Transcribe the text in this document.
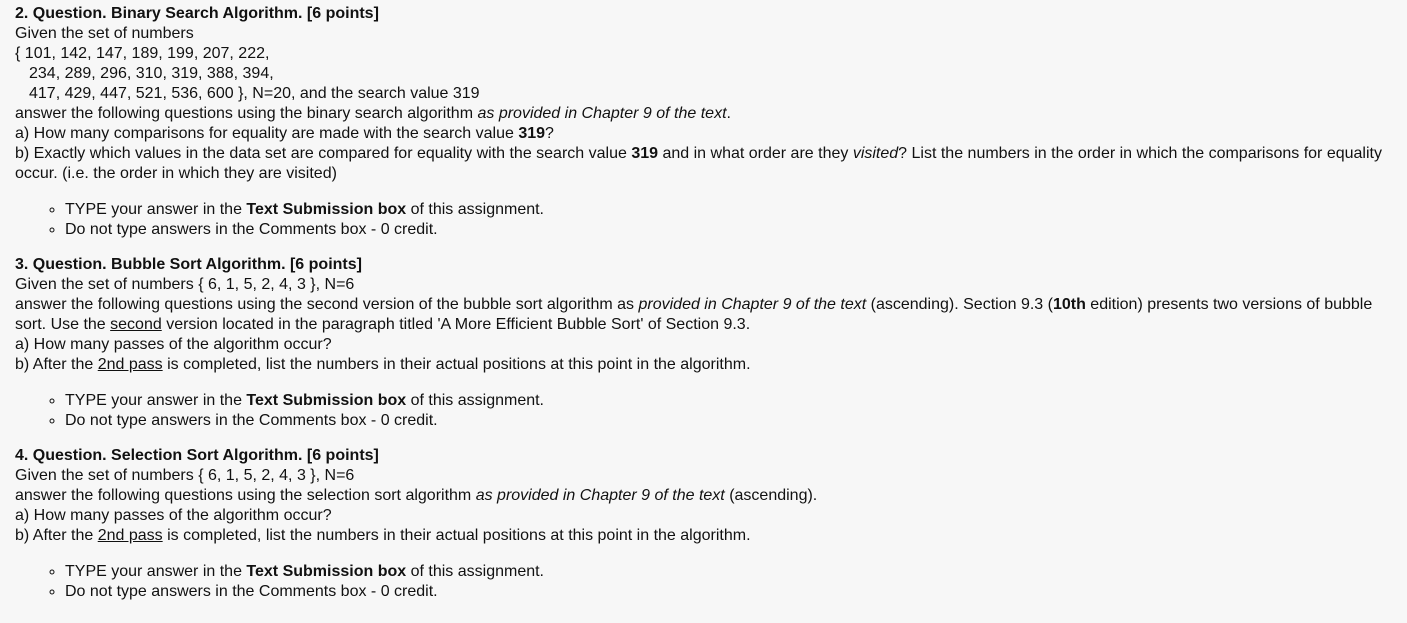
2. Question. Binary Search Algorithm. [6 points]
Given the set of numbers
{ 101, 142, 147, 189, 199, 207, 222,
234, 289, 296, 310, 319, 388, 394,
417, 429, 447, 521, 536, 600 }, N=20, and the search value 319
answer the following questions using the binary search algorithm as provided in Chapter 9 of the text.
a) How many comparisons for equality are made with the search value 319?
b) Exactly which values in the data set are compared for equality with the search value 319 and in what order are they visited? List the numbers in the order in which the comparisons for equality occur. (i.e. the order in which they are visited)
◦ TYPE your answer in the Text Submission box of this assignment.
◦ Do not type answers in the Comments box - 0 credit.
3. Question. Bubble Sort Algorithm. [6 points]
Given the set of numbers { 6, 1, 5, 2, 4, 3 }, N=6
answer the following questions using the second version of the bubble sort algorithm as provided in Chapter 9 of the text (ascending). Section 9.3 (10th edition) presents two versions of bubble sort. Use the second version located in the paragraph titled 'A More Efficient Bubble Sort' of Section 9.3.
a) How many passes of the algorithm occur?
b) After the 2nd pass is completed, list the numbers in their actual positions at this point in the algorithm.
◦ TYPE your answer in the Text Submission box of this assignment.
◦ Do not type answers in the Comments box - 0 credit.
4. Question. Selection Sort Algorithm. [6 points]
Given the set of numbers { 6, 1, 5, 2, 4, 3 }, N=6
answer the following questions using the selection sort algorithm as provided in Chapter 9 of the text (ascending).
a) How many passes of the algorithm occur?
b) After the 2nd pass is completed, list the numbers in their actual positions at this point in the algorithm.
◦ TYPE your answer in the Text Submission box of this assignment.
◦ Do not type answers in the Comments box - 0 credit.
